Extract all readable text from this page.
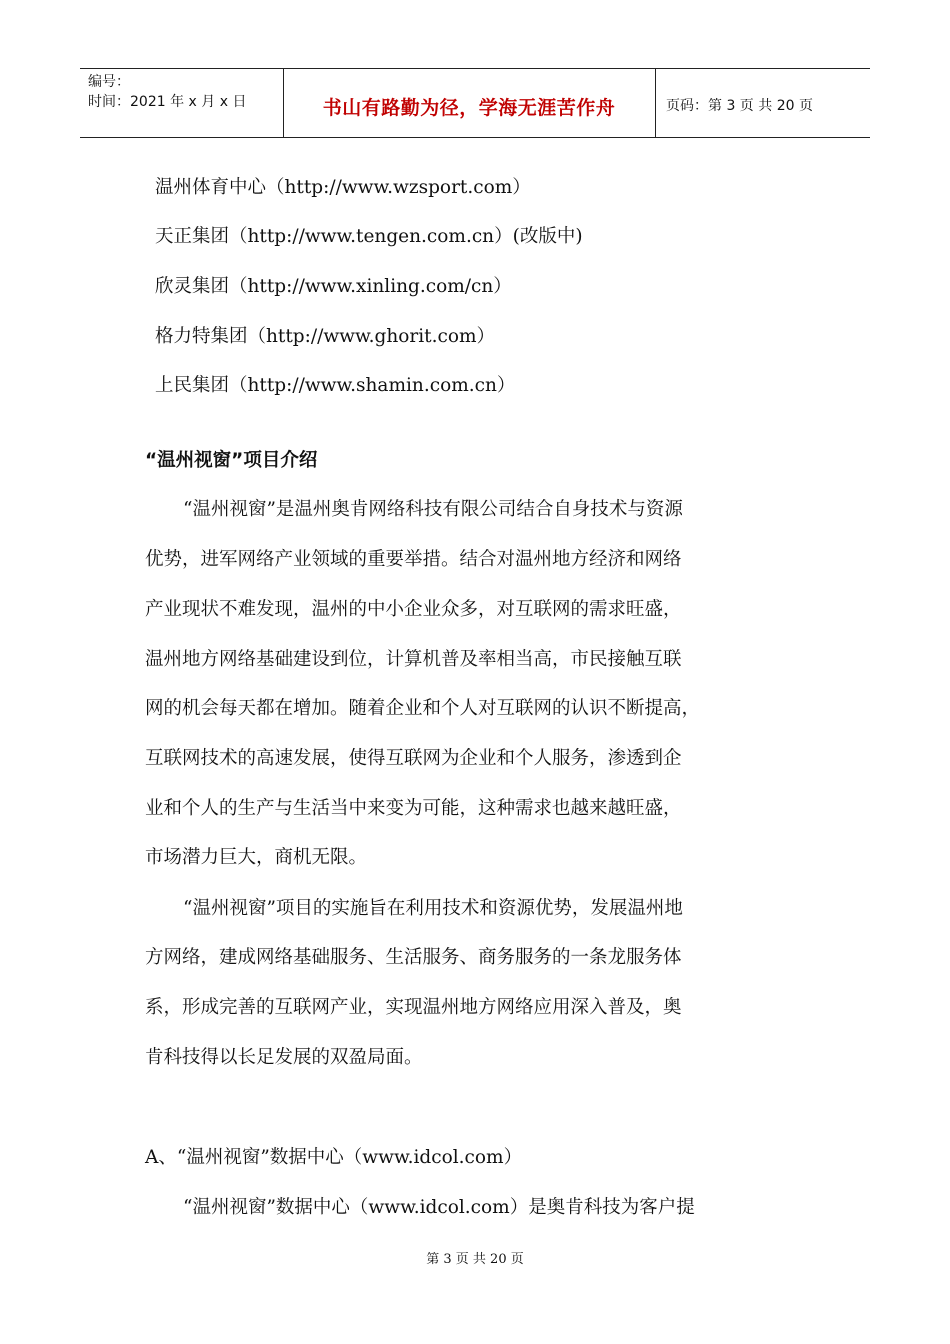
编号：
时间：2021 年 x 月 x 日	书山有路勤为径，学海无涯苦作舟	页码：第 3 页 共 20 页
温州体育中心（http://www.wzsport.com）
天正集团（http://www.tengen.com.cn）(改版中)
欣灵集团（http://www.xinling.com/cn）
格力特集团（http://www.ghorit.com）
上民集团（http://www.shamin.com.cn）
“温州视窗”项目介绍
“温州视窗”是温州奥肯网络科技有限公司结合自身技术与资源
优势，进军网络产业领域的重要举措。结合对温州地方经济和网络
产业现状不难发现，温州的中小企业众多，对互联网的需求旺盛，
温州地方网络基础建设到位，计算机普及率相当高，市民接触互联
网的机会每天都在增加。随着企业和个人对互联网的认识不断提高，
互联网技术的高速发展，使得互联网为企业和个人服务，渗透到企
业和个人的生产与生活当中来变为可能，这种需求也越来越旺盛，
市场潜力巨大，商机无限。
“温州视窗”项目的实施旨在利用技术和资源优势，发展温州地
方网络，建成网络基础服务、生活服务、商务服务的一条龙服务体
系，形成完善的互联网产业，实现温州地方网络应用深入普及，奥
肯科技得以长足发展的双盈局面。
A、“温州视窗”数据中心（www.idcol.com）
“温州视窗”数据中心（www.idcol.com）是奥肯科技为客户提
第 3 页 共 20 页
